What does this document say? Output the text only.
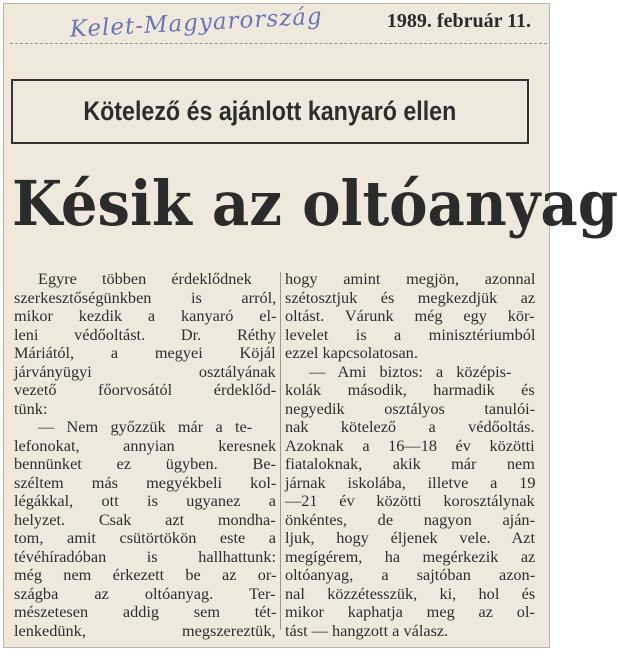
Kelet-Magyarország	1989. február 11.
Kötelező és ajánlott kanyaró ellen
Késik az oltóanyag

Egyre többen érdeklődnek
szerkesztőségünkben is arról,
mikor kezdik a kanyaró el-
leni védőoltást. Dr. Réthy
Máriától, a megyei Köjál
járványügyi osztályának
vezető főorvosától érdeklőd-
tünk:
— Nem győzzük már a te-
lefonokat, annyian keresnek
bennünket ez ügyben. Be-
széltem más megyékbeli kol-
légákkal, ott is ugyanez a
helyzet. Csak azt mondha-
tom, amit csütörtökön este a
tévéhíradóban is hallhattunk:
még nem érkezett be az or-
szágba az oltóanyag. Ter-
mészetesen addig sem tét-
lenkedünk, megszereztük,

hogy amint megjön, azonnal
szétosztjuk és megkezdjük az
oltást. Várunk még egy kör-
levelet is a minisztériumból
ezzel kapcsolatosan.
— Ami biztos: a középis-
kolák második, harmadik és
negyedik osztályos tanulói-
nak kötelező a védőoltás.
Azoknak a 16—18 év közötti
fiataloknak, akik már nem
járnak iskolába, illetve a 19
—21 év közötti korosztálynak
önkéntes, de nagyon aján-
ljuk, hogy éljenek vele. Azt
megígérem, ha megérkezik az
oltóanyag, a sajtóban azon-
nal közzétesszük, ki, hol és
mikor kaphatja meg az ol-
tást — hangzott a válasz.
